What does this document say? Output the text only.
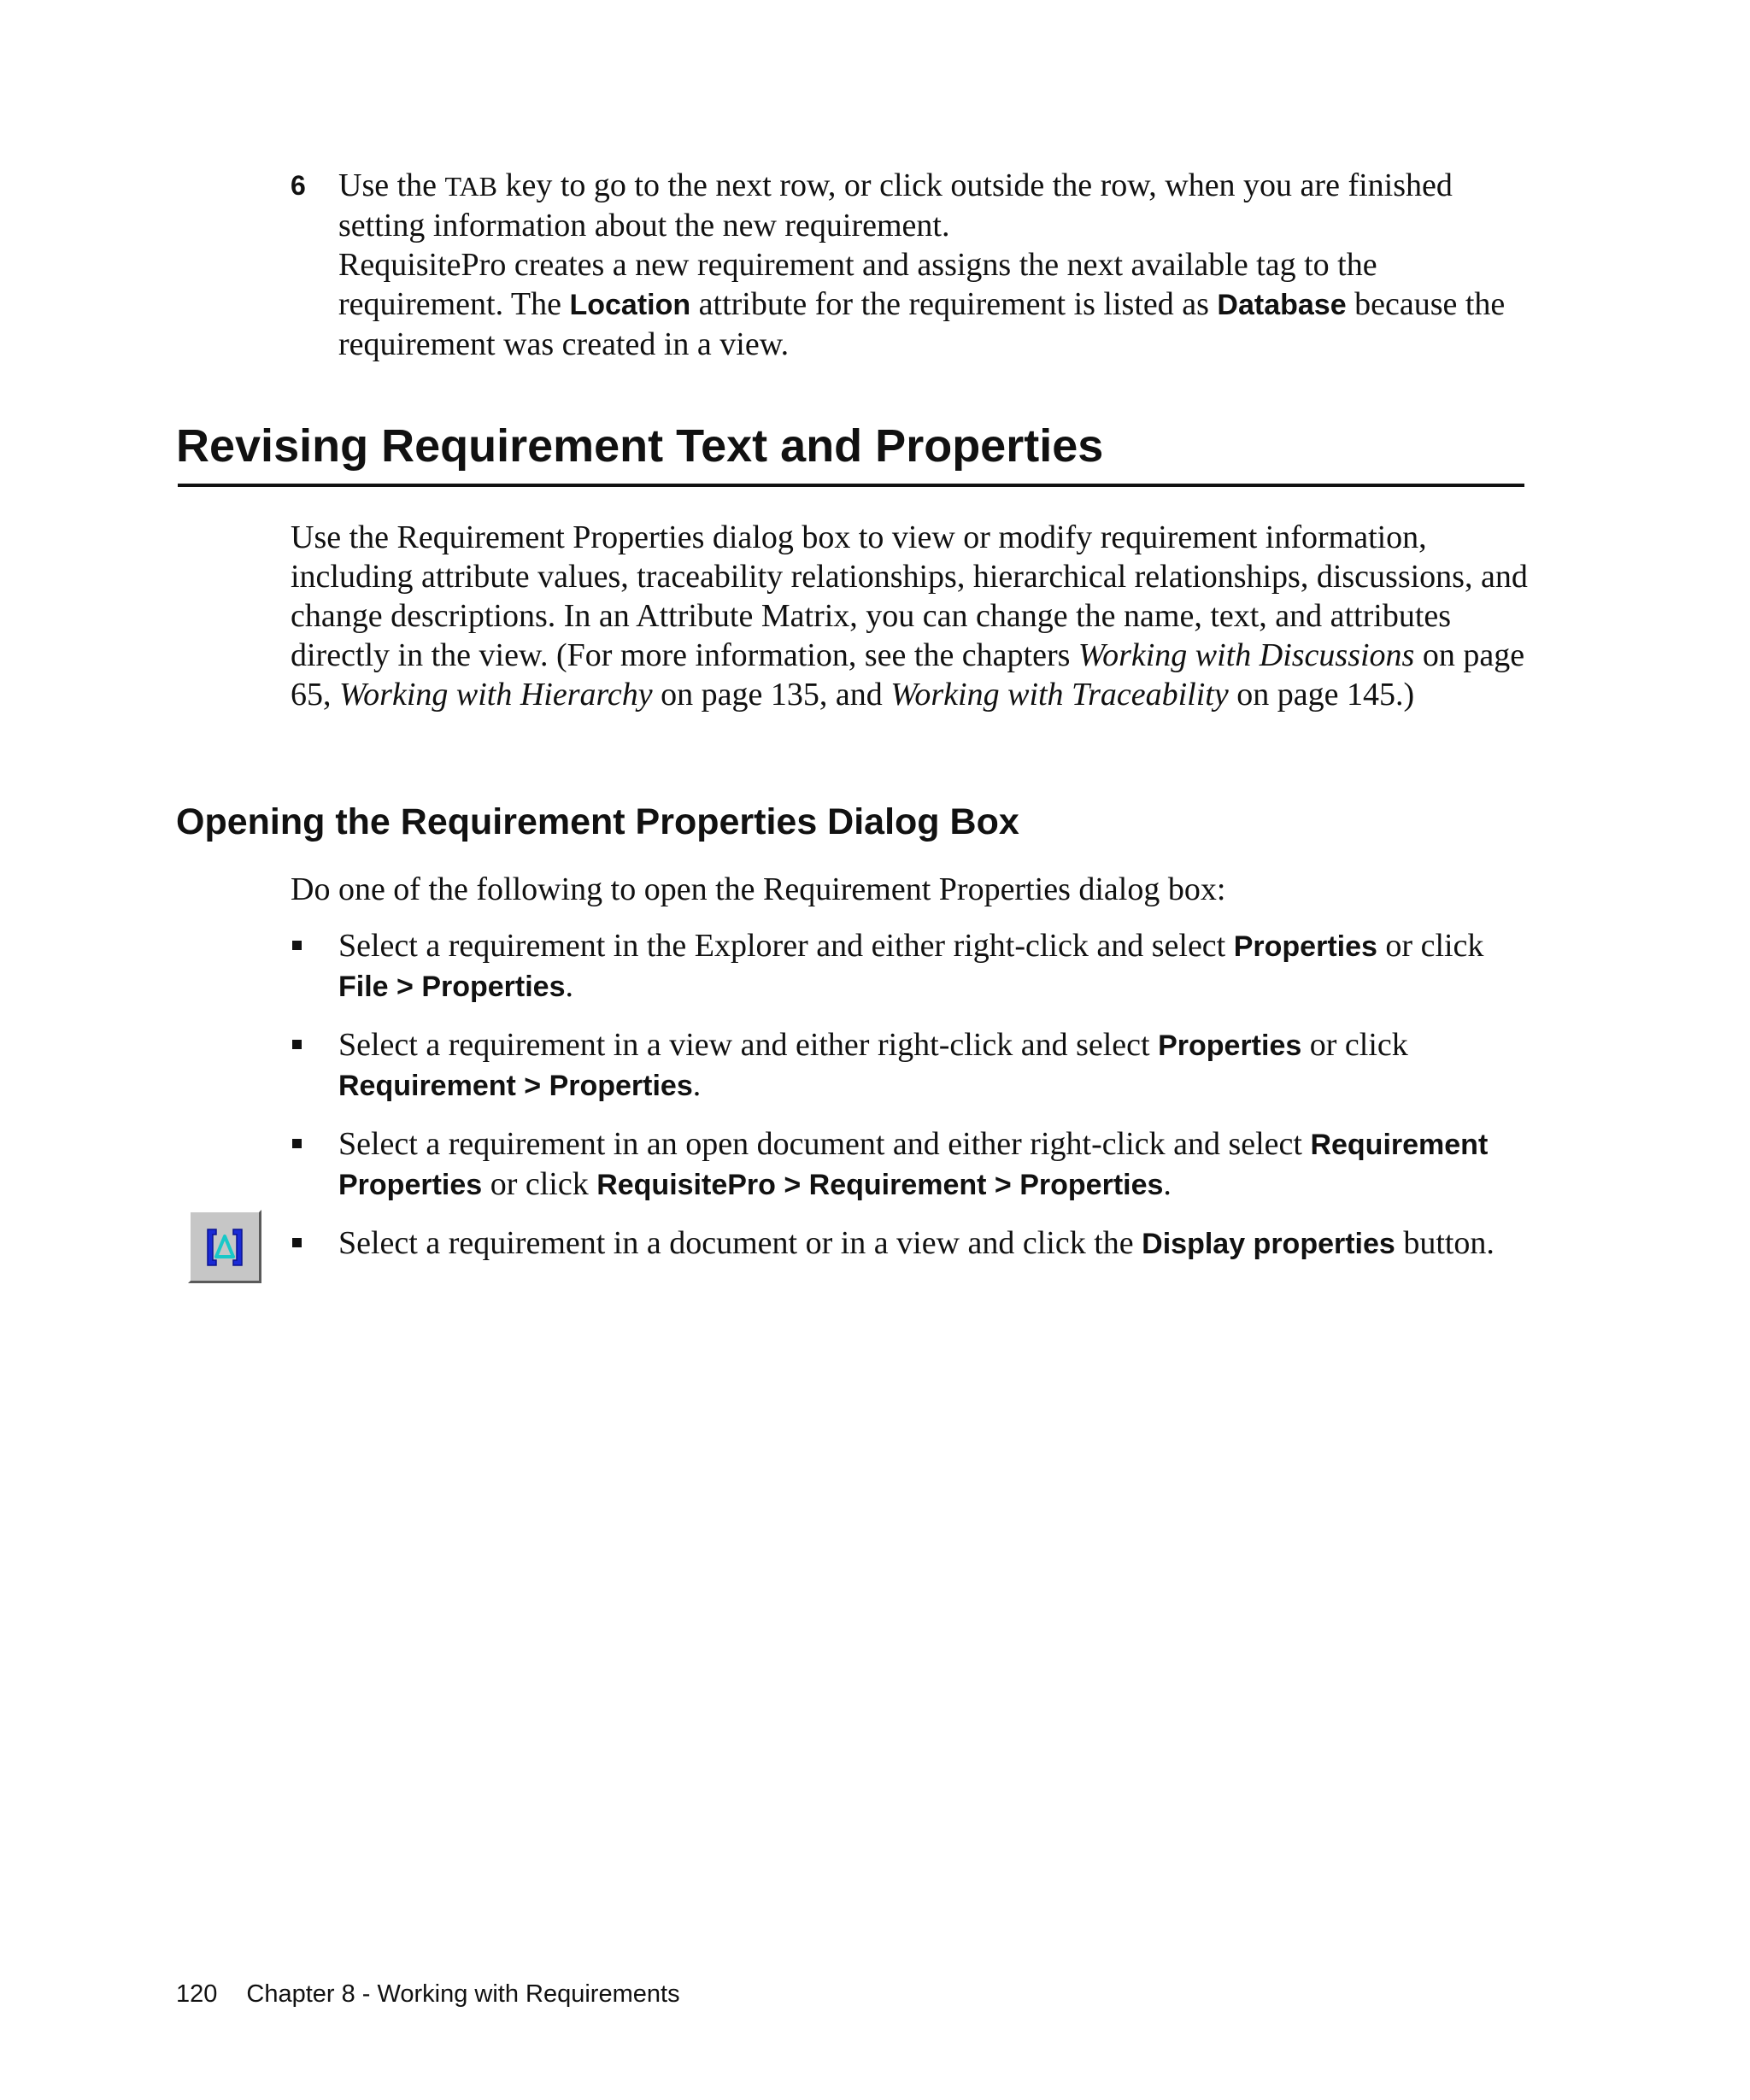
6 Use the TAB key to go to the next row, or click outside the row, when you are finished setting information about the new requirement.
RequisitePro creates a new requirement and assigns the next available tag to the requirement. The Location attribute for the requirement is listed as Database because the requirement was created in a view.
Revising Requirement Text and Properties
Use the Requirement Properties dialog box to view or modify requirement information, including attribute values, traceability relationships, hierarchical relationships, discussions, and change descriptions. In an Attribute Matrix, you can change the name, text, and attributes directly in the view. (For more information, see the chapters Working with Discussions on page 65, Working with Hierarchy on page 135, and Working with Traceability on page 145.)
Opening the Requirement Properties Dialog Box
Do one of the following to open the Requirement Properties dialog box:
Select a requirement in the Explorer and either right-click and select Properties or click File > Properties.
Select a requirement in a view and either right-click and select Properties or click Requirement > Properties.
Select a requirement in an open document and either right-click and select Requirement Properties or click RequisitePro > Requirement > Properties.
Select a requirement in a document or in a view and click the Display properties button.
120 Chapter 8 - Working with Requirements
